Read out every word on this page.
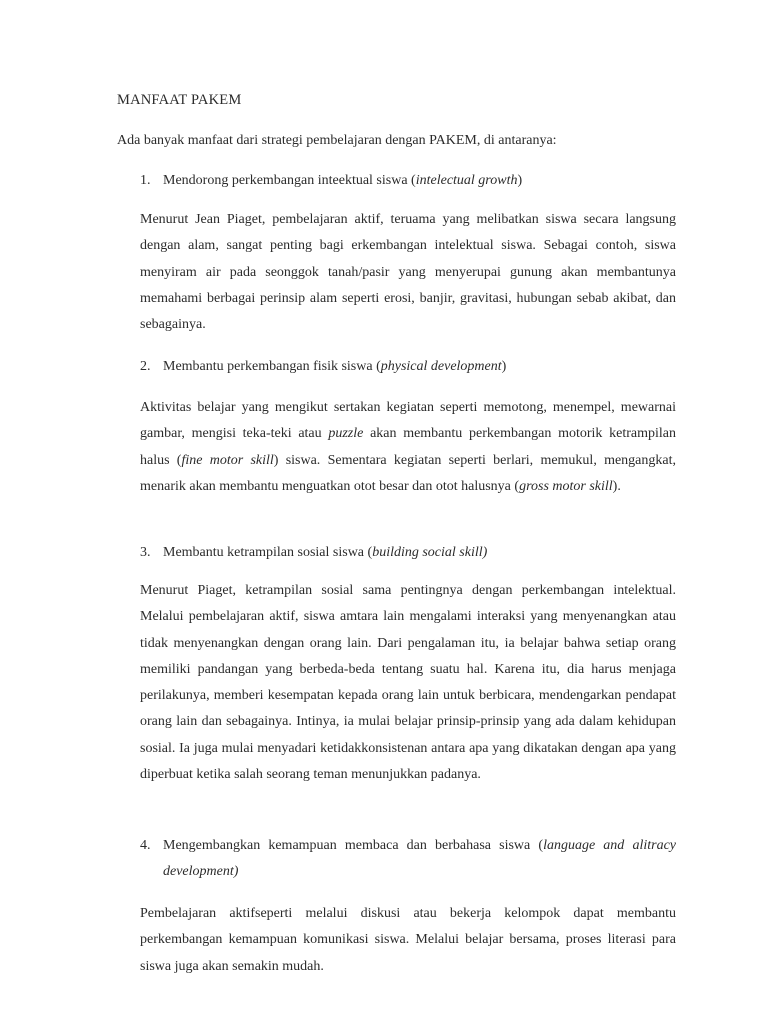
MANFAAT PAKEM
Ada banyak manfaat dari strategi pembelajaran dengan PAKEM, di antaranya:
1. Mendorong perkembangan inteektual siswa (intelectual growth)

Menurut Jean Piaget, pembelajaran aktif, teruama yang melibatkan siswa secara langsung dengan alam, sangat penting bagi erkembangan intelektual siswa. Sebagai contoh, siswa menyiram air pada seonggok tanah/pasir yang menyerupai gunung akan membantunya memahami berbagai perinsip alam seperti erosi, banjir, gravitasi, hubungan sebab akibat, dan sebagainya.

2. Membantu perkembangan fisik siswa (physical development)

Aktivitas belajar yang mengikut sertakan kegiatan seperti memotong, menempel, mewarnai gambar, mengisi teka-teki atau puzzle akan membantu perkembangan motorik ketrampilan halus (fine motor skill) siswa. Sementara kegiatan seperti berlari, memukul, mengangkat, menarik akan membantu menguatkan otot besar dan otot halusnya (gross motor skill).

3. Membantu ketrampilan sosial siswa (building social skill)

Menurut Piaget, ketrampilan sosial sama pentingnya dengan perkembangan intelektual. Melalui pembelajaran aktif, siswa amtara lain mengalami interaksi yang menyenangkan atau tidak menyenangkan dengan orang lain. Dari pengalaman itu, ia belajar bahwa setiap orang memiliki pandangan yang berbeda-beda tentang suatu hal. Karena itu, dia harus menjaga perilakunya, memberi kesempatan kepada orang lain untuk berbicara, mendengarkan pendapat orang lain dan sebagainya. Intinya, ia mulai belajar prinsip-prinsip yang ada dalam kehidupan sosial. Ia juga mulai menyadari ketidakkonsistenan antara apa yang dikatakan dengan apa yang diperbuat ketika salah seorang teman menunjukkan padanya.

4. Mengembangkan kemampuan membaca dan berbahasa siswa (language and alitracy development)

Pembelajaran aktifseperti melalui diskusi atau bekerja kelompok dapat membantu perkembangan kemampuan komunikasi siswa. Melalui belajar bersama, proses literasi para siswa juga akan semakin mudah.
